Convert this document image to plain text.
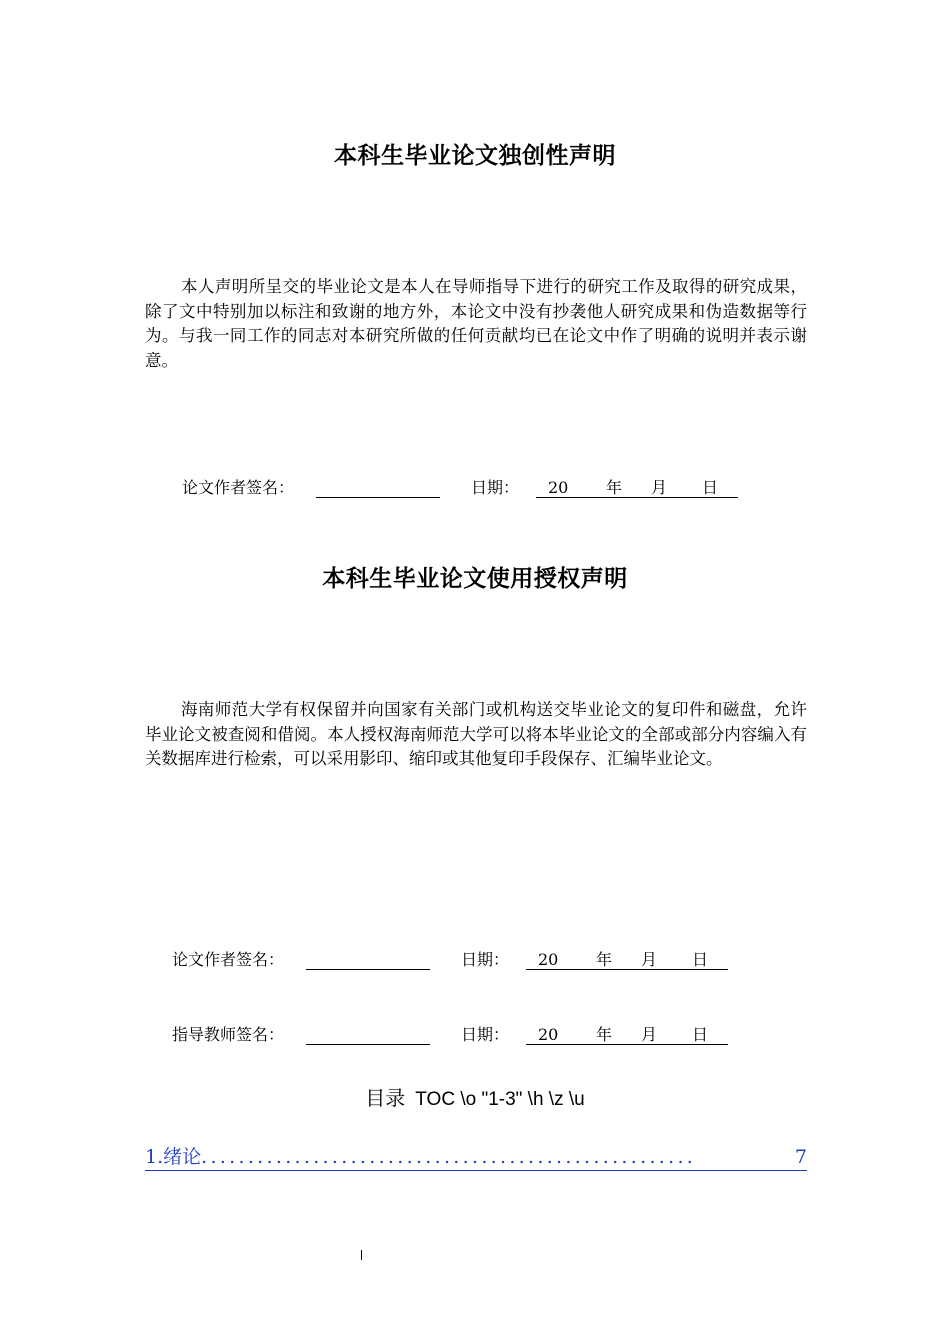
本科生毕业论文独创性声明

本人声明所呈交的毕业论文是本人在导师指导下进行的研究工作及取得的研究成果，除了文中特别加以标注和致谢的地方外，本论文中没有抄袭他人研究成果和伪造数据等行为。与我一同工作的同志对本研究所做的任何贡献均已在论文中作了明确的说明并表示谢意。

论文作者签名：	日期： 20 年 月 日
本科生毕业论文使用授权声明

海南师范大学有权保留并向国家有关部门或机构送交毕业论文的复印件和磁盘，允许毕业论文被查阅和借阅。本人授权海南师范大学可以将本毕业论文的全部或部分内容编入有关数据库进行检索，可以采用影印、缩印或其他复印手段保存、汇编毕业论文。

论文作者签名：	日期： 20 年 月 日
指导教师签名：	日期： 20 年 月 日
目录 TOC \o "1-3" \h \z \u
1.绪论.....................................................	7
